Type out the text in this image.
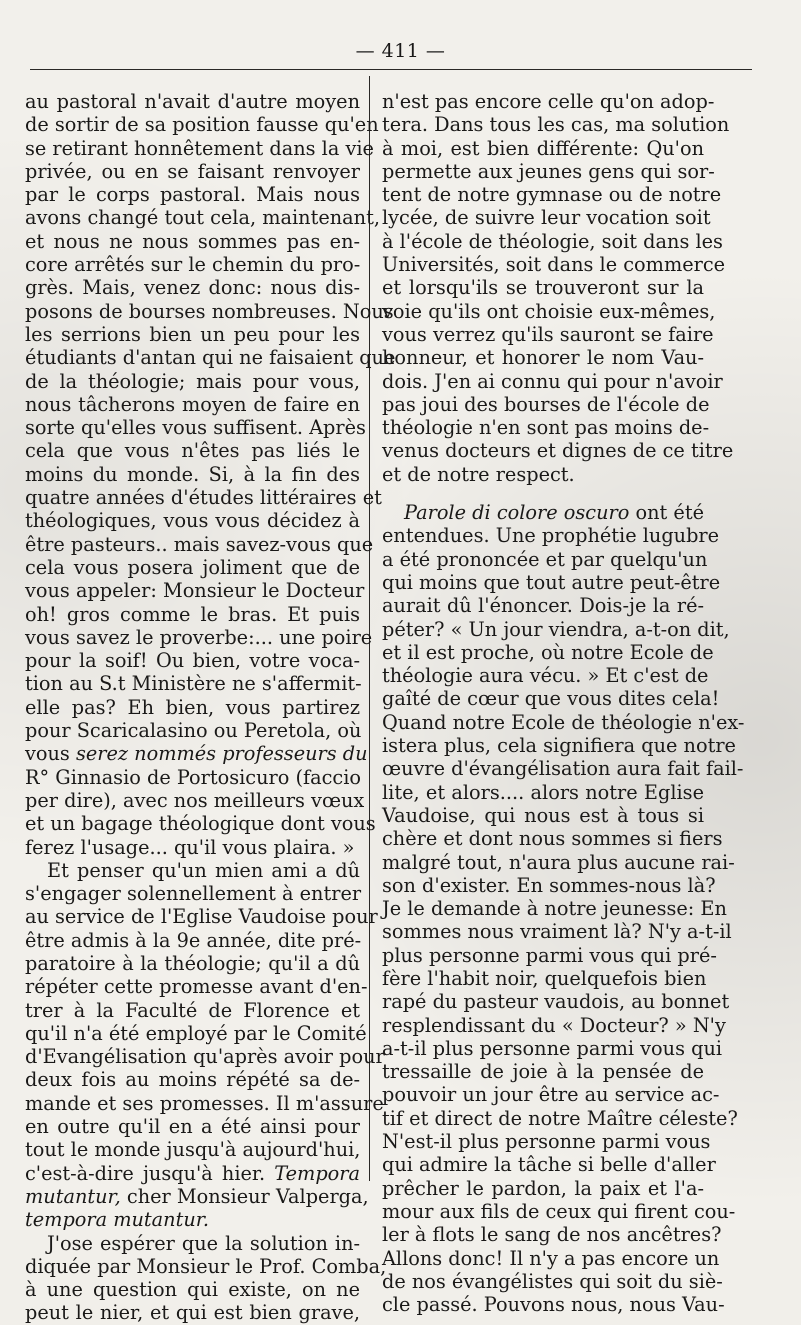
— 411 —
au pastoral n'avait d'autre moyen
de sortir de sa position fausse qu'en
se retirant honnêtement dans la vie
privée, ou en se faisant renvoyer
par le corps pastoral. Mais nous
avons changé tout cela, maintenant,
et nous ne nous sommes pas en-
core arrêtés sur le chemin du pro-
grès. Mais, venez donc: nous dis-
posons de bourses nombreuses. Nous
les serrions bien un peu pour les
étudiants d'antan qui ne faisaient que
de la théologie; mais pour vous,
nous tâcherons moyen de faire en
sorte qu'elles vous suffisent. Après
cela que vous n'êtes pas liés le
moins du monde. Si, à la fin des
quatre années d'études littéraires et
théologiques, vous vous décidez à
être pasteurs.. mais savez-vous que
cela vous posera joliment que de
vous appeler: Monsieur le Docteur
oh! gros comme le bras. Et puis
vous savez le proverbe:... une poire
pour la soif! Ou bien, votre voca-
tion au S.t Ministère ne s'affermit-
elle pas? Eh bien, vous partirez
pour Scaricalasino ou Peretola, où
vous serez nommés professeurs du
R° Ginnasio de Portosicuro (faccio
per dire), avec nos meilleurs vœux
et un bagage théologique dont vous
ferez l'usage... qu'il vous plaira. »
Et penser qu'un mien ami a dû
s'engager solennellement à entrer
au service de l'Eglise Vaudoise pour
être admis à la 9e année, dite pré-
paratoire à la théologie; qu'il a dû
répéter cette promesse avant d'en-
trer à la Faculté de Florence et
qu'il n'a été employé par le Comité
d'Evangélisation qu'après avoir pour
deux fois au moins répété sa de-
mande et ses promesses. Il m'assure
en outre qu'il en a été ainsi pour
tout le monde jusqu'à aujourd'hui,
c'est-à-dire jusqu'à hier. Tempora
mutantur, cher Monsieur Valperga,
tempora mutantur.
J'ose espérer que la solution in-
diquée par Monsieur le Prof. Comba,
à une question qui existe, on ne
peut le nier, et qui est bien grave,
n'est pas encore celle qu'on adop-
tera. Dans tous les cas, ma solution
à moi, est bien différente: Qu'on
permette aux jeunes gens qui sor-
tent de notre gymnase ou de notre
lycée, de suivre leur vocation soit
à l'école de théologie, soit dans les
Universités, soit dans le commerce
et lorsqu'ils se trouveront sur la
voie qu'ils ont choisie eux-mêmes,
vous verrez qu'ils sauront se faire
honneur, et honorer le nom Vau-
dois. J'en ai connu qui pour n'avoir
pas joui des bourses de l'école de
théologie n'en sont pas moins de-
venus docteurs et dignes de ce titre
et de notre respect.
Parole di colore oscuro ont été
entendues. Une prophétie lugubre
a été prononcée et par quelqu'un
qui moins que tout autre peut-être
aurait dû l'énoncer. Dois-je la ré-
péter? « Un jour viendra, a-t-on dit,
et il est proche, où notre Ecole de
théologie aura vécu. » Et c'est de
gaîté de cœur que vous dites cela!
Quand notre Ecole de théologie n'ex-
istera plus, cela signifiera que notre
œuvre d'évangélisation aura fait fail-
lite, et alors.... alors notre Eglise
Vaudoise, qui nous est à tous si
chère et dont nous sommes si fiers
malgré tout, n'aura plus aucune rai-
son d'exister. En sommes-nous là?
Je le demande à notre jeunesse: En
sommes nous vraiment là? N'y a-t-il
plus personne parmi vous qui pré-
fère l'habit noir, quelquefois bien
rapé du pasteur vaudois, au bonnet
resplendissant du « Docteur? » N'y
a-t-il plus personne parmi vous qui
tressaille de joie à la pensée de
pouvoir un jour être au service ac-
tif et direct de notre Maître céleste?
N'est-il plus personne parmi vous
qui admire la tâche si belle d'aller
prêcher le pardon, la paix et l'a-
mour aux fils de ceux qui firent cou-
ler à flots le sang de nos ancêtres?
Allons donc! Il n'y a pas encore un
de nos évangélistes qui soit du siè-
cle passé. Pouvons nous, nous Vau-
